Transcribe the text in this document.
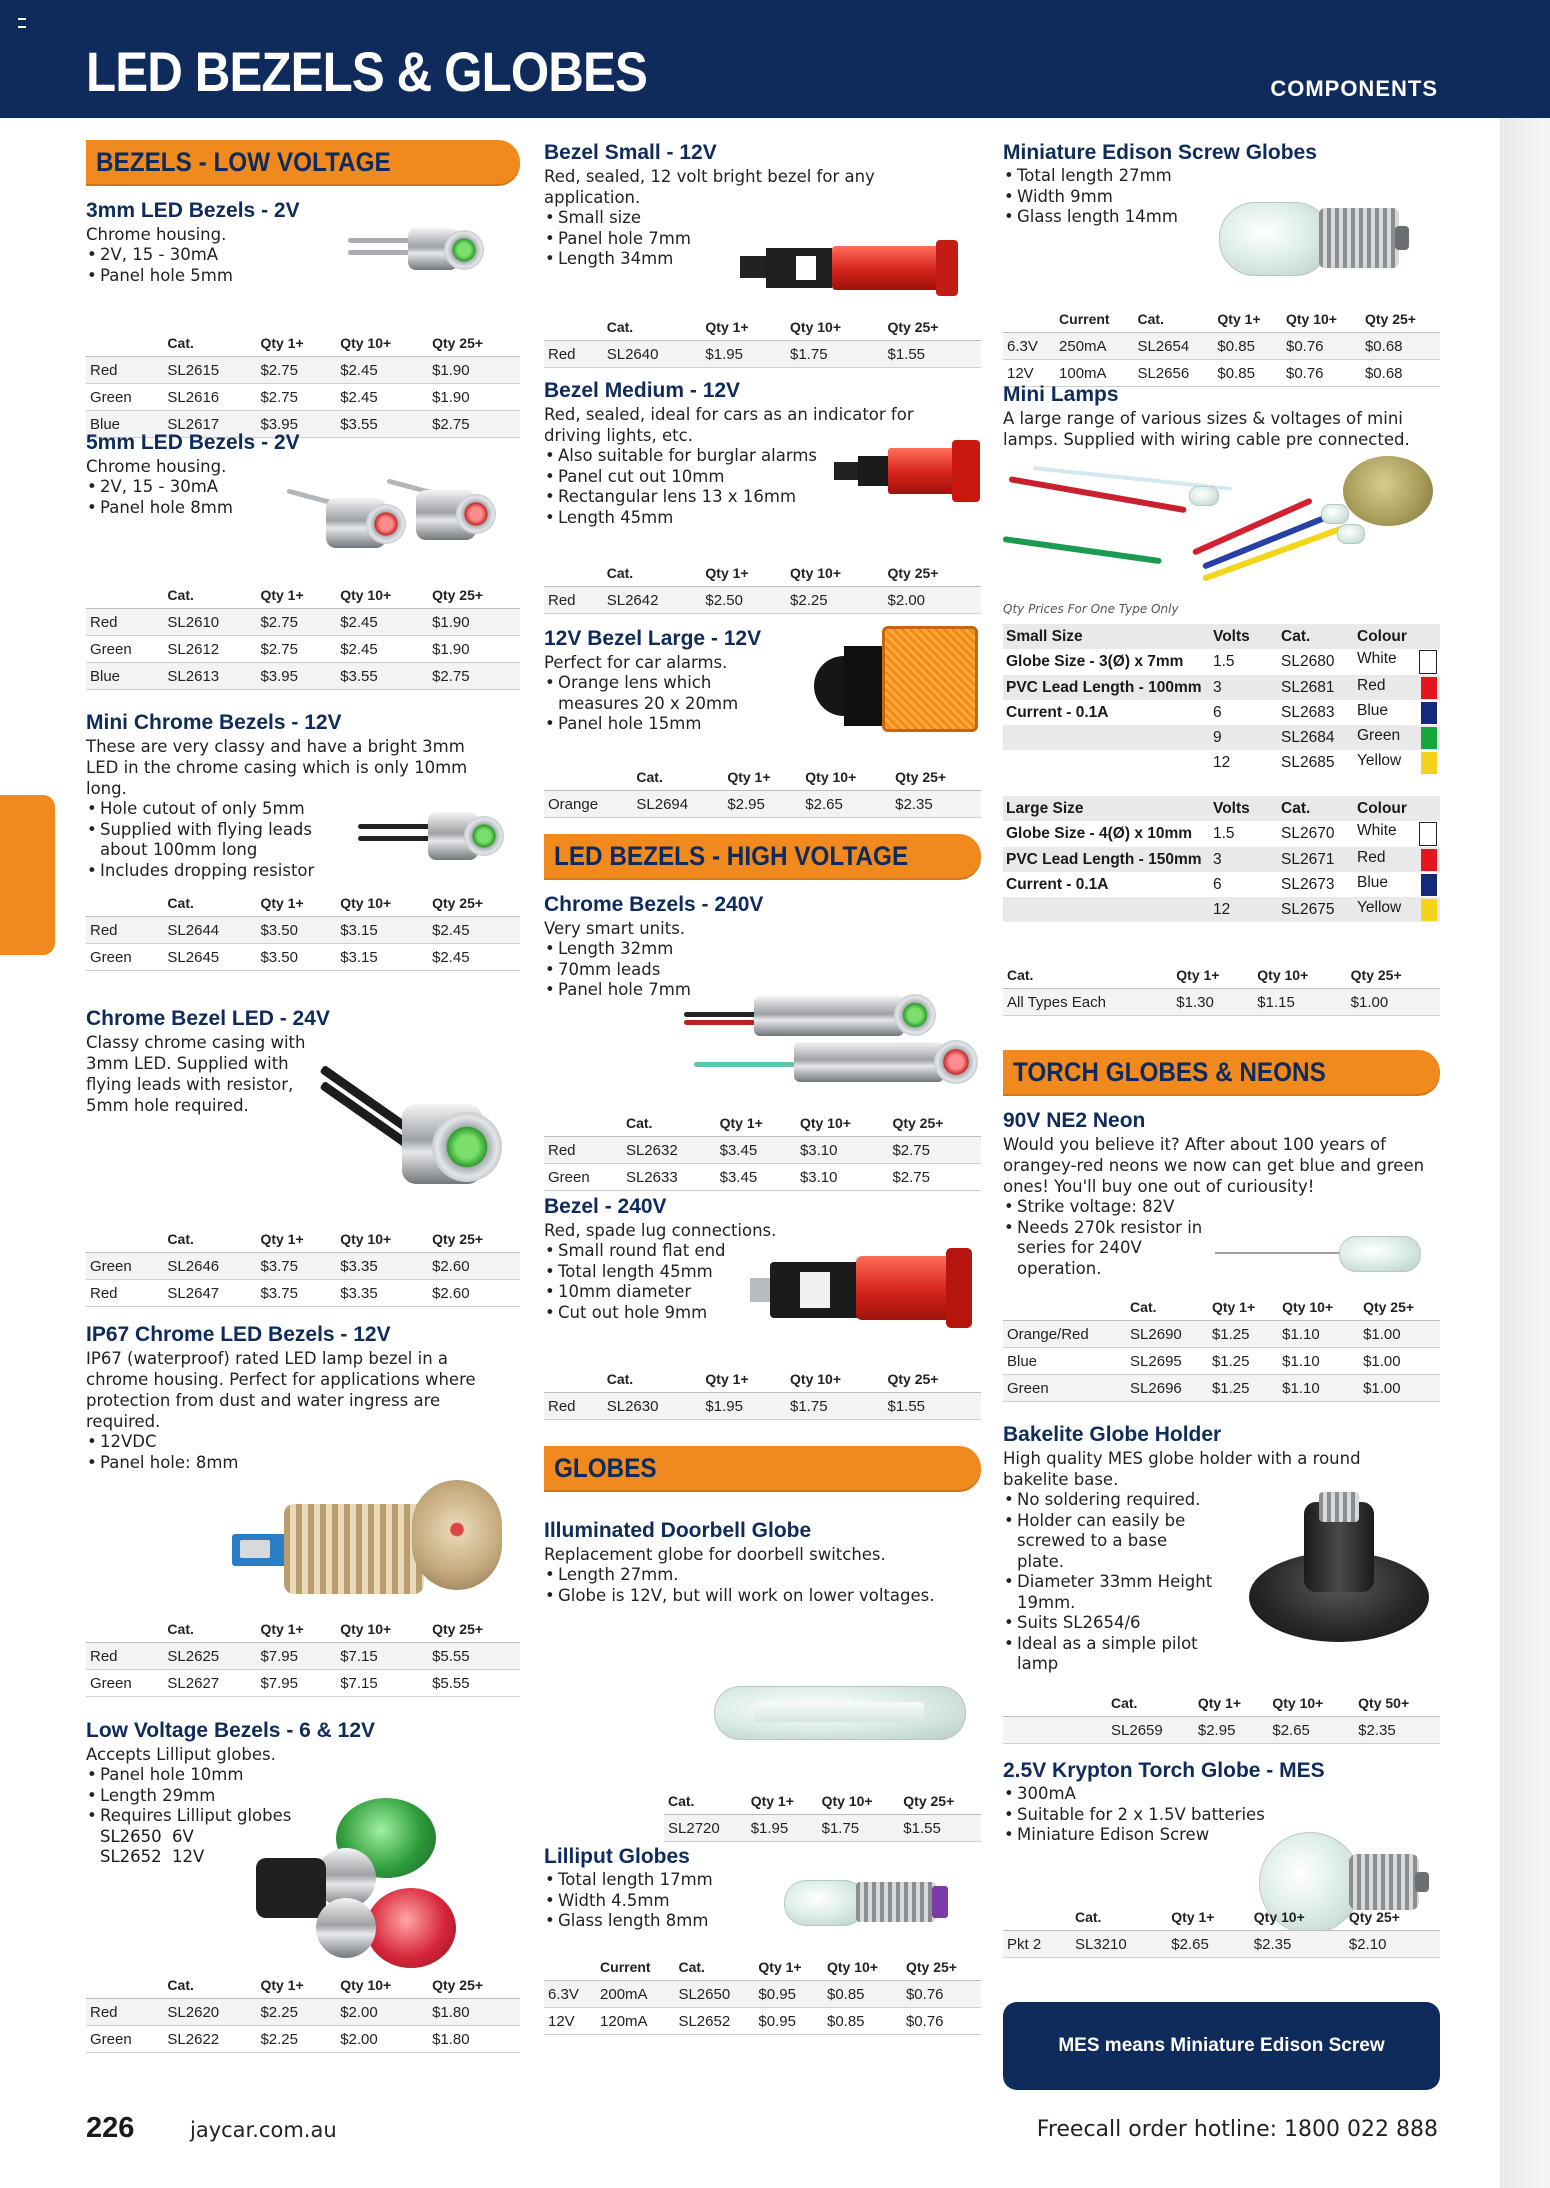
LED BEZELS & GLOBES	COMPONENTS
BEZELS - LOW VOLTAGE
3mm LED Bezels - 2V

Chrome housing.

• 2V, 15 - 30mA
• Panel hole 5mm
	Cat.	Qty 1+	Qty 10+	Qty 25+
Red	SL2615	$2.75	$2.45	$1.90
Green	SL2616	$2.75	$2.45	$1.90
Blue	SL2617	$3.95	$3.55	$2.75
5mm LED Bezels - 2V

Chrome housing.

• 2V, 15 - 30mA
• Panel hole 8mm
	Cat.	Qty 1+	Qty 10+	Qty 25+
Red	SL2610	$2.75	$2.45	$1.90
Green	SL2612	$2.75	$2.45	$1.90
Blue	SL2613	$3.95	$3.55	$2.75
Mini Chrome Bezels - 12V

These are very classy and have a bright 3mm LED in the chrome casing which is only 10mm long.

• Hole cutout of only 5mm
• Supplied with flying leads about 100mm long
• Includes dropping resistor
	Cat.	Qty 1+	Qty 10+	Qty 25+
Red	SL2644	$3.50	$3.15	$2.45
Green	SL2645	$3.50	$3.15	$2.45
Chrome Bezel LED - 24V

Classy chrome casing with 3mm LED. Supplied with flying leads with resistor, 5mm hole required.

	Cat.	Qty 1+	Qty 10+	Qty 25+
Green	SL2646	$3.75	$3.35	$2.60
Red	SL2647	$3.75	$3.35	$2.60
IP67 Chrome LED Bezels - 12V

IP67 (waterproof) rated LED lamp bezel in a chrome housing. Perfect for applications where protection from dust and water ingress are required.

• 12VDC
• Panel hole: 8mm
	Cat.	Qty 1+	Qty 10+	Qty 25+
Red	SL2625	$7.95	$7.15	$5.55
Green	SL2627	$7.95	$7.15	$5.55
Low Voltage Bezels - 6 & 12V

Accepts Lilliput globes.

• Panel hole 10mm
• Length 29mm
• Requires Lilliput globes
SL2650 6V
SL2652 12V
	Cat.	Qty 1+	Qty 10+	Qty 25+
Red	SL2620	$2.25	$2.00	$1.80
Green	SL2622	$2.25	$2.00	$1.80
Bezel Small - 12V

Red, sealed, 12 volt bright bezel for any application.

• Small size
• Panel hole 7mm
• Length 34mm
	Cat.	Qty 1+	Qty 10+	Qty 25+
Red	SL2640	$1.95	$1.75	$1.55
Bezel Medium - 12V

Red, sealed, ideal for cars as an indicator for driving lights, etc.

• Also suitable for burglar alarms
• Panel cut out 10mm
• Rectangular lens 13 x 16mm
• Length 45mm
	Cat.	Qty 1+	Qty 10+	Qty 25+
Red	SL2642	$2.50	$2.25	$2.00
12V Bezel Large - 12V

Perfect for car alarms.

• Orange lens which measures 20 x 20mm
• Panel hole 15mm
	Cat.	Qty 1+	Qty 10+	Qty 25+
Orange	SL2694	$2.95	$2.65	$2.35
LED BEZELS - HIGH VOLTAGE
Chrome Bezels - 240V

Very smart units.

• Length 32mm
• 70mm leads
• Panel hole 7mm
	Cat.	Qty 1+	Qty 10+	Qty 25+
Red	SL2632	$3.45	$3.10	$2.75
Green	SL2633	$3.45	$3.10	$2.75
Bezel - 240V

Red, spade lug connections.

• Small round flat end
• Total length 45mm
• 10mm diameter
• Cut out hole 9mm
	Cat.	Qty 1+	Qty 10+	Qty 25+
Red	SL2630	$1.95	$1.75	$1.55
GLOBES
Illuminated Doorbell Globe

Replacement globe for doorbell switches.

• Length 27mm.
• Globe is 12V, but will work on lower voltages.
Cat.	Qty 1+	Qty 10+	Qty 25+
SL2720	$1.95	$1.75	$1.55
Lilliput Globes
• Total length 17mm
• Width 4.5mm
• Glass length 8mm
	Current	Cat.	Qty 1+	Qty 10+	Qty 25+
6.3V	200mA	SL2650	$0.95	$0.85	$0.76
12V	120mA	SL2652	$0.95	$0.85	$0.76
Miniature Edison Screw Globes
• Total length 27mm
• Width 9mm
• Glass length 14mm
	Current	Cat.	Qty 1+	Qty 10+	Qty 25+
6.3V	250mA	SL2654	$0.85	$0.76	$0.68
12V	100mA	SL2656	$0.85	$0.76	$0.68
Mini Lamps

A large range of various sizes & voltages of mini lamps. Supplied with wiring cable pre connected.

Qty Prices For One Type Only
Small Size	Volts	Cat.	Colour
Globe Size - 3(Ø) x 7mm	1.5	SL2680	White

PVC Lead Length - 100mm	3	SL2681	Red

Current - 0.1A	6	SL2683	Blue

	9	SL2684	Green

	12	SL2685	Yellow
Large Size	Volts	Cat.	Colour
Globe Size - 4(Ø) x 10mm	1.5	SL2670	White

PVC Lead Length - 150mm	3	SL2671	Red

Current - 0.1A	6	SL2673	Blue

	12	SL2675	Yellow
Cat.	Qty 1+	Qty 10+	Qty 25+
All Types Each	$1.30	$1.15	$1.00
TORCH GLOBES & NEONS
90V NE2 Neon

Would you believe it? After about 100 years of orangey-red neons we now can get blue and green ones! You'll buy one out of curiousity!

• Strike voltage: 82V
• Needs 270k resistor in series for 240V operation.
	Cat.	Qty 1+	Qty 10+	Qty 25+
Orange/Red	SL2690	$1.25	$1.10	$1.00
Blue	SL2695	$1.25	$1.10	$1.00
Green	SL2696	$1.25	$1.10	$1.00
Bakelite Globe Holder

High quality MES globe holder with a round bakelite base.

• No soldering required.
• Holder can easily be screwed to a base plate.
• Diameter 33mm Height 19mm.
• Suits SL2654/6
• Ideal as a simple pilot lamp
	Cat.	Qty 1+	Qty 10+	Qty 50+
	SL2659	$2.95	$2.65	$2.35
2.5V Krypton Torch Globe - MES
• 300mA
• Suitable for 2 x 1.5V batteries
• Miniature Edison Screw
	Cat.	Qty 1+	Qty 10+	Qty 25+
Pkt 2	SL3210	$2.65	$2.35	$2.10
MES means Miniature Edison Screw
226	jaycar.com.au	Freecall order hotline: 1800 022 888
